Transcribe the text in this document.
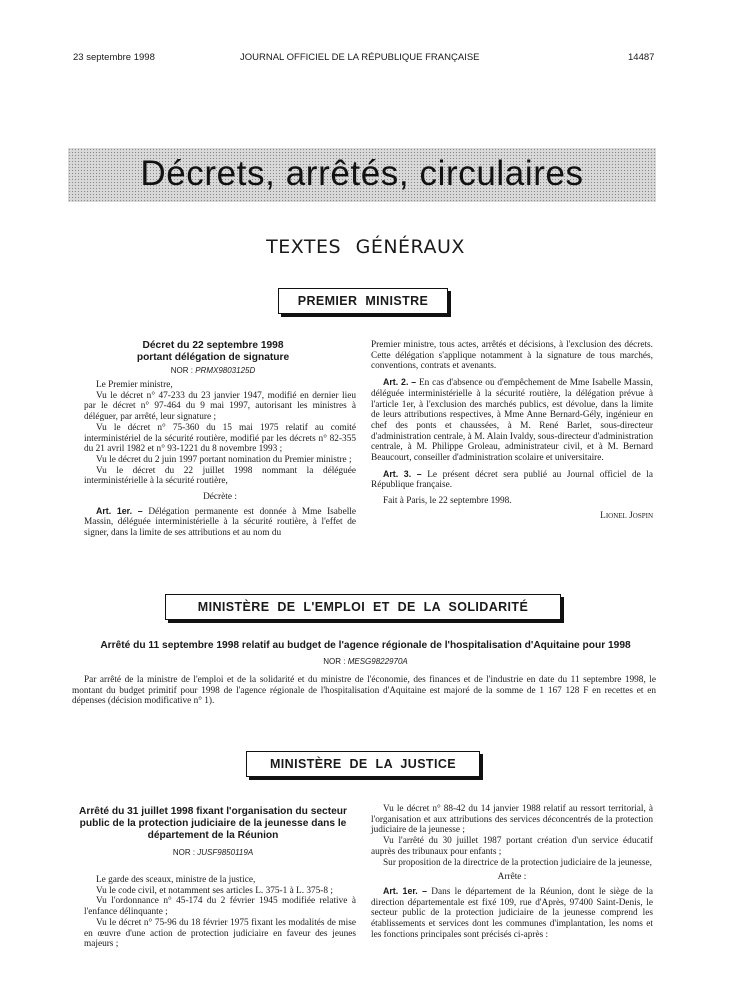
23 septembre 1998	JOURNAL OFFICIEL DE LA RÉPUBLIQUE FRANÇAISE	14487
Décrets, arrêtés, circulaires
TEXTES GÉNÉRAUX
PREMIER MINISTRE
Décret du 22 septembre 1998
portant délégation de signature
NOR : PRMX9803125D

Le Premier ministre,

Vu le décret n° 47-233 du 23 janvier 1947, modifié en dernier lieu par le décret n° 97-464 du 9 mai 1997, autorisant les ministres à déléguer, par arrêté, leur signature ;

Vu le décret n° 75-360 du 15 mai 1975 relatif au comité interministériel de la sécurité routière, modifié par les décrets n° 82-355 du 21 avril 1982 et n° 93-1221 du 8 novembre 1993 ;

Vu le décret du 2 juin 1997 portant nomination du Premier ministre ;

Vu le décret du 22 juillet 1998 nommant la déléguée interministérielle à la sécurité routière,

Décrète :

Art. 1er. – Délégation permanente est donnée à Mme Isabelle Massin, déléguée interministérielle à la sécurité routière, à l'effet de signer, dans la limite de ses attributions et au nom du

Premier ministre, tous actes, arrêtés et décisions, à l'exclusion des décrets. Cette délégation s'applique notamment à la signature de tous marchés, conventions, contrats et avenants.

Art. 2. – En cas d'absence ou d'empêchement de Mme Isabelle Massin, déléguée interministérielle à la sécurité routière, la délégation prévue à l'article 1er, à l'exclusion des marchés publics, est dévolue, dans la limite de leurs attributions respectives, à Mme Anne Bernard-Gély, ingénieur en chef des ponts et chaussées, à M. René Barlet, sous-directeur d'administration centrale, à M. Alain Ivaldy, sous-directeur d'administration centrale, à M. Philippe Groleau, administrateur civil, et à M. Bernard Beaucourt, conseiller d'administration scolaire et universitaire.

Art. 3. – Le présent décret sera publié au Journal officiel de la République française.

Fait à Paris, le 22 septembre 1998.

Lionel Jospin

MINISTÈRE DE L'EMPLOI ET DE LA SOLIDARITÉ
Arrêté du 11 septembre 1998 relatif au budget de l'agence régionale de l'hospitalisation d'Aquitaine pour 1998
NOR : MESG9822970A
Par arrêté de la ministre de l'emploi et de la solidarité et du ministre de l'économie, des finances et de l'industrie en date du 11 septembre 1998, le montant du budget primitif pour 1998 de l'agence régionale de l'hospitalisation d'Aquitaine est majoré de la somme de 1 167 128 F en recettes et en dépenses (décision modificative n° 1).
MINISTÈRE DE LA JUSTICE
Arrêté du 31 juillet 1998 fixant l'organisation du secteur
public de la protection judiciaire de la jeunesse dans le
département de la Réunion
NOR : JUSF9850119A

Le garde des sceaux, ministre de la justice,

Vu le code civil, et notamment ses articles L. 375-1 à L. 375-8 ;

Vu l'ordonnance n° 45-174 du 2 février 1945 modifiée relative à l'enfance délinquante ;

Vu le décret n° 75-96 du 18 février 1975 fixant les modalités de mise en œuvre d'une action de protection judiciaire en faveur des jeunes majeurs ;

Vu le décret n° 88-42 du 14 janvier 1988 relatif au ressort territorial, à l'organisation et aux attributions des services déconcentrés de la protection judiciaire de la jeunesse ;

Vu l'arrêté du 30 juillet 1987 portant création d'un service éducatif auprès des tribunaux pour enfants ;

Sur proposition de la directrice de la protection judiciaire de la jeunesse,

Arrête :

Art. 1er. – Dans le département de la Réunion, dont le siège de la direction départementale est fixé 109, rue d'Après, 97400 Saint-Denis, le secteur public de la protection judiciaire de la jeunesse comprend les établissements et services dont les communes d'implantation, les noms et les fonctions principales sont précisés ci-après :
